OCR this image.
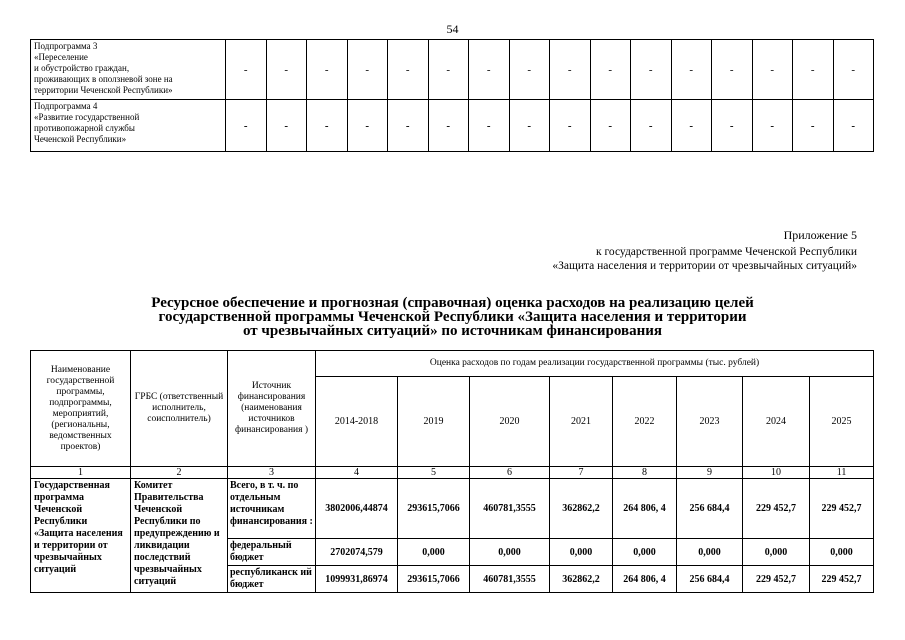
54
Подпрограмма 3
«Переселение
и обустройство граждан,
проживающих в оползневой зоне на
территории Чеченской Республики»	-	-	-	-	-	-	-	-	-	-	-	-	-	-	-	-

Подпрограмма 4
«Развитие государственной
противопожарной службы
Чеченской Республики»	-	-	-	-	-	-	-	-	-	-	-	-	-	-	-	-
Приложение 5
к государственной программе Чеченской Республики
«Защита населения и территории от чрезвычайных ситуаций»
Ресурсное обеспечение и прогнозная (справочная) оценка расходов на реализацию целей
государственной программы Чеченской Республики «Защита населения и территории
от чрезвычайных ситуаций» по источникам финансирования
Наименование государственной программы, подпрограммы, мероприятий, (региональны, ведомственных проектов)	ГРБС (ответственный исполнитель, соисполнитель)	Источник финансирования (наименования источников финансирования )	Оценка расходов по годам реализации государственной программы (тыс. рублей)							
			2014-2018	2019	2020	2021	2022	2023	2024	2025
1	2	3	4	5	6	7	8	9	10	11
Государственная программа Чеченской Республики «Защита населения и территории от чрезвычайных ситуаций	Комитет Правительства Чеченской Республики по предупреждению и ликвидации последствий чрезвычайных ситуаций	Всего, в т. ч. по отдельным источникам финансирования :	3802006,44874	293615,7066	460781,3555	362862,2	264 806, 4	256 684,4	229 452,7	229 452,7
		федеральный бюджет	2702074,579	0,000	0,000	0,000	0,000	0,000	0,000	0,000
		республиканск ий бюджет	1099931,86974	293615,7066	460781,3555	362862,2	264 806, 4	256 684,4	229 452,7	229 452,7
